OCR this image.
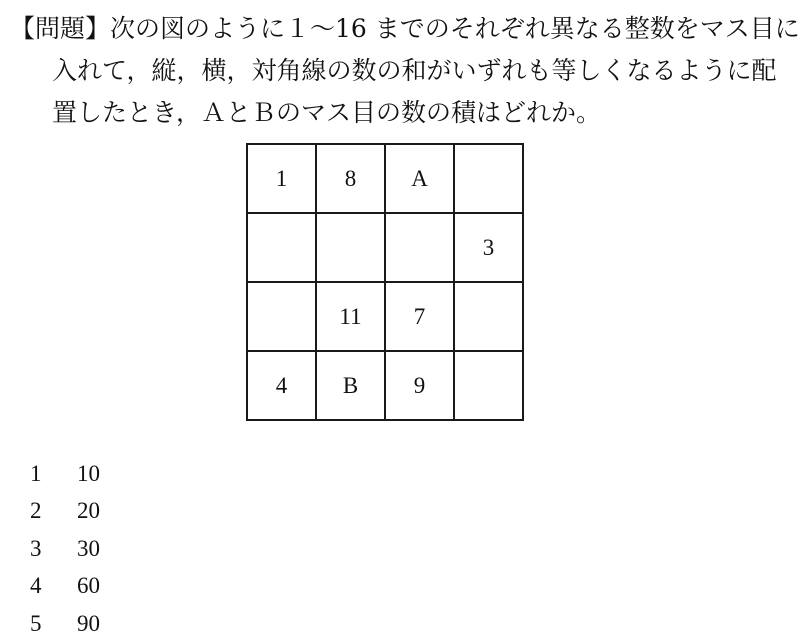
【問題】次の図のように１～16 までのそれぞれ異なる整数をマス目に
入れて，縦，横，対角線の数の和がいずれも等しくなるように配
置したとき，ＡとＢのマス目の数の積はどれか。
1	8	A	
			3
	11	7	
4	B	9	
1	10
2	20
3	30
4	60
5	90
